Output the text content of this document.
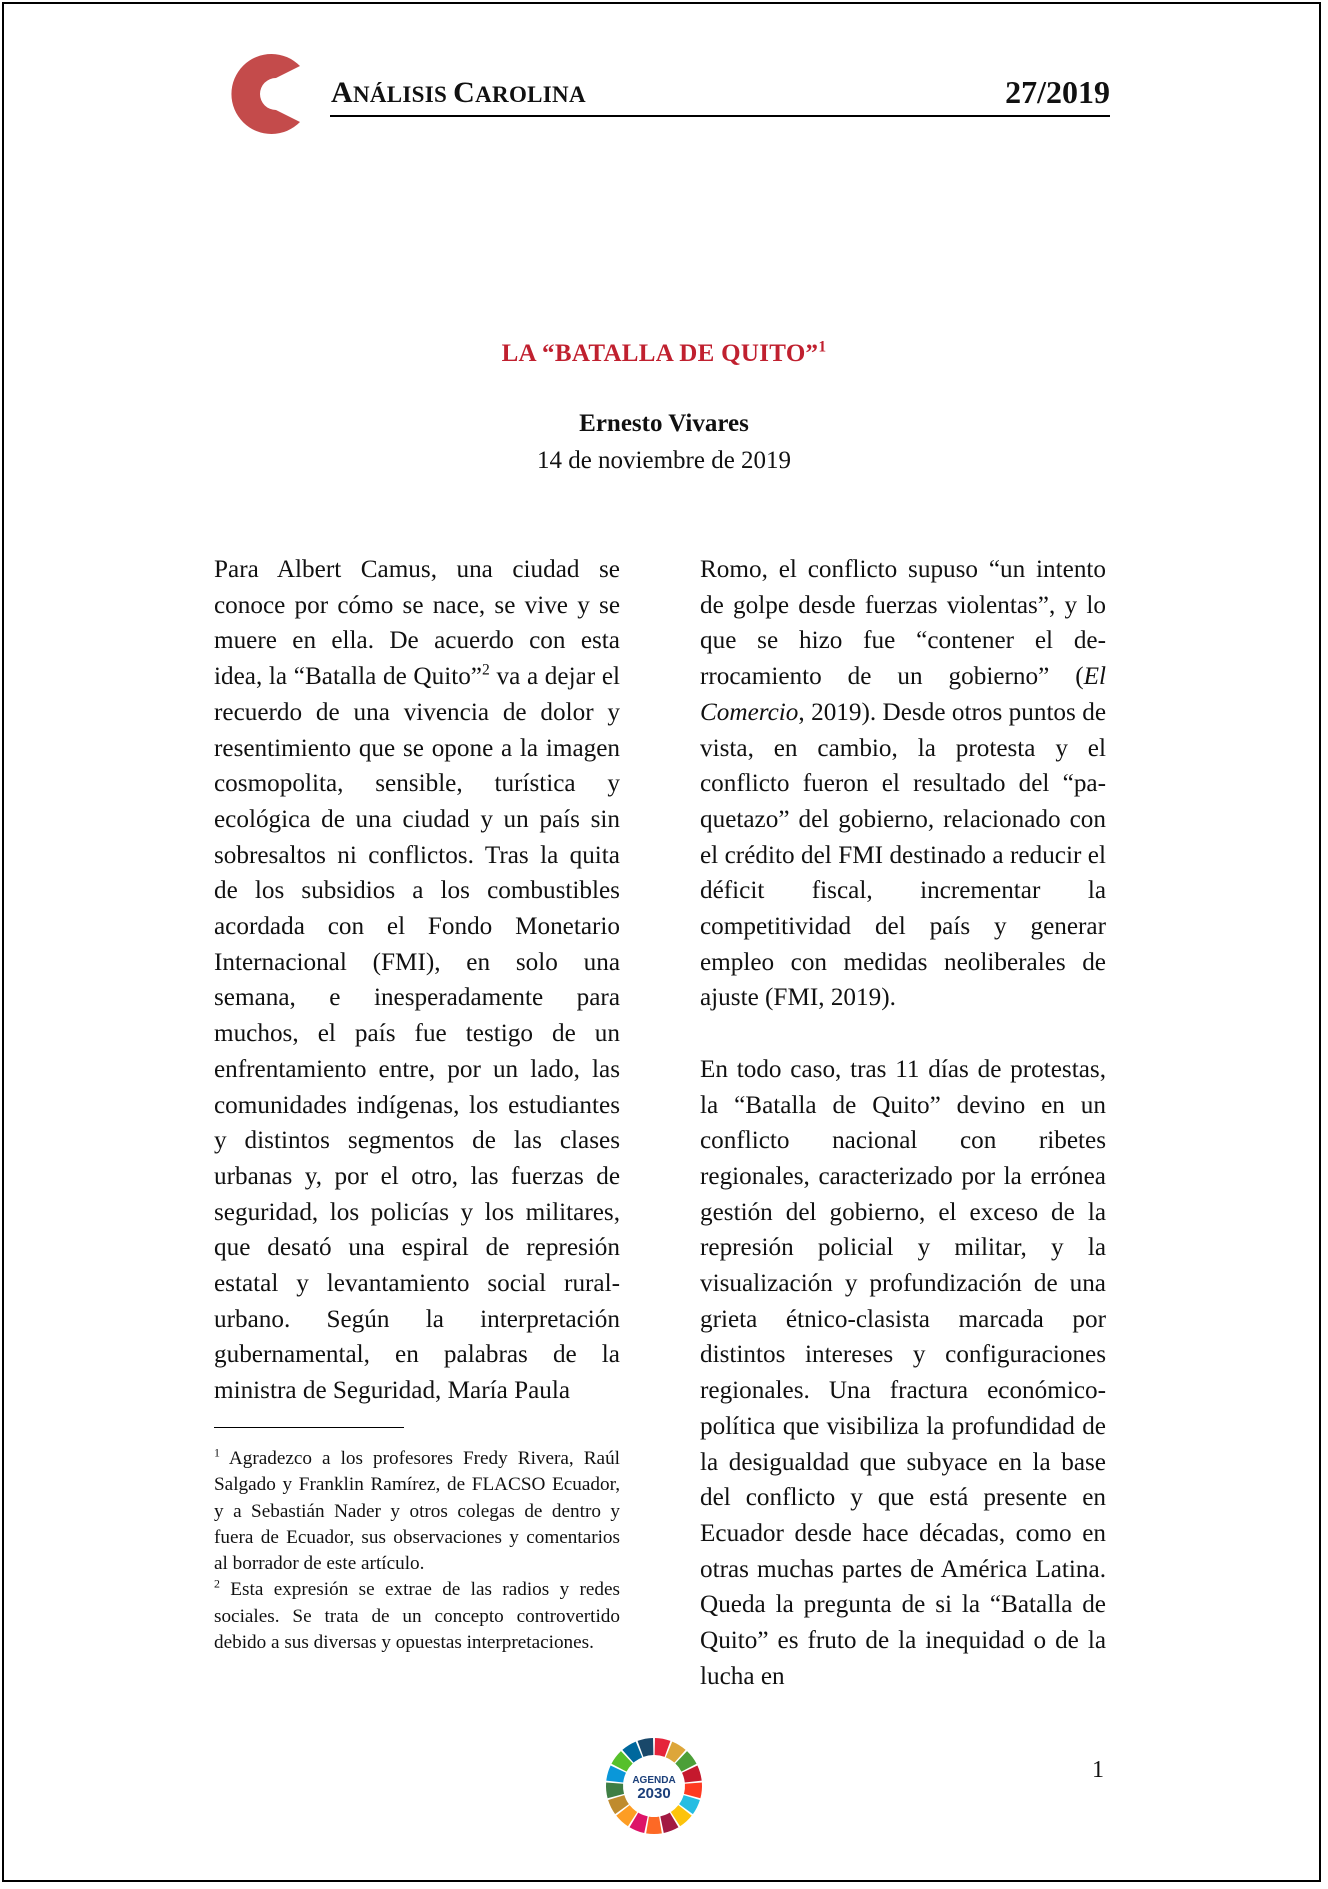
ANÁLISIS CAROLINA	27/2019
LA “BATALLA DE QUITO”$^1$
Ernesto Vivares
14 de noviembre de 2019

Para Albert Camus, una ciudad se conoce por cómo se nace, se vive y se muere en ella. De acuerdo con esta idea, la “Batalla de Quito”$^2$ va a dejar el recuerdo de una vivencia de dolor y resentimiento que se opone a la imagen cosmopolita, sensible, turística y ecológica de una ciudad y un país sin sobresaltos ni conflictos. Tras la quita de los subsidios a los combustibles acordada con el Fondo Monetario Internacional (FMI), en solo una semana, e inesperadamente para muchos, el país fue testigo de un enfrentamiento entre, por un lado, las comunidades indígenas, los estudiantes y distintos segmentos de las clases urbanas y, por el otro, las fuerzas de seguridad, los policías y los militares, que desató una espiral de represión estatal y levantamiento social rural-urbano. Según la interpretación gubernamental, en palabras de la ministra de Seguridad, María Paula

Romo, el conflicto supuso “un intento de golpe desde fuerzas violentas”, y lo que se hizo fue “contener el derrocamiento de un gobierno” (El Comercio, 2019). Desde otros puntos de vista, en cambio, la protesta y el conflicto fueron el resultado del “paquetazo” del gobierno, relacionado con el crédito del FMI destinado a reducir el déficit fiscal, incrementar la competitividad del país y generar empleo con medidas neoliberales de ajuste (FMI, 2019).

En todo caso, tras 11 días de protestas, la “Batalla de Quito” devino en un conflicto nacional con ribetes regionales, caracterizado por la errónea gestión del gobierno, el exceso de la represión policial y militar, y la visualización y profundización de una grieta étnico-clasista marcada por distintos intereses y configuraciones regionales. Una fractura económico-política que visibiliza la profundidad de la desigualdad que subyace en la base del conflicto y que está presente en Ecuador desde hace décadas, como en otras muchas partes de América Latina. Queda la pregunta de si la “Batalla de Quito” es fruto de la inequidad o de la lucha en

$^1$ Agradezco a los profesores Fredy Rivera, Raúl Salgado y Franklin Ramírez, de FLACSO Ecuador, y a Sebastián Nader y otros colegas de dentro y fuera de Ecuador, sus observaciones y comentarios al borrador de este artículo.

$^2$ Esta expresión se extrae de las radios y redes sociales. Se trata de un concepto controvertido debido a sus diversas y opuestas interpretaciones.

AGENDA
2030
1
